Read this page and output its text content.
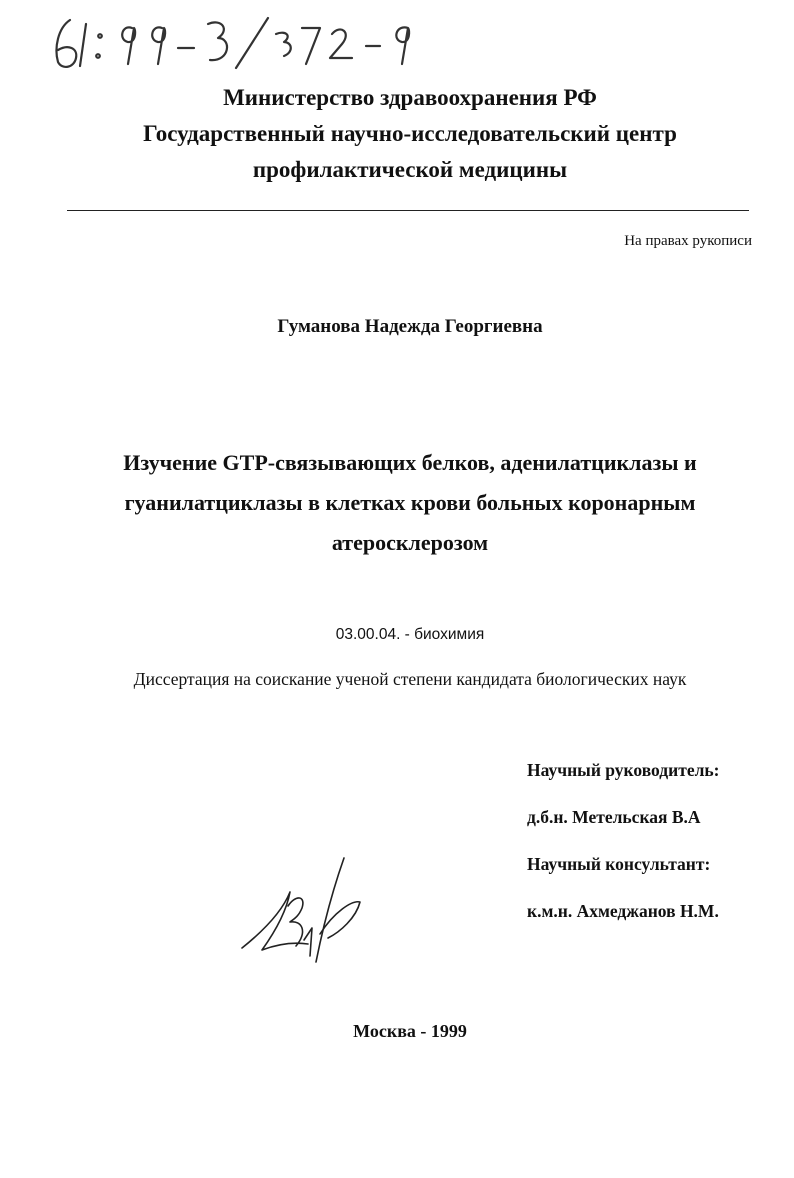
Министерство здравоохранения РФ
Государственный научно-исследовательский центр
профилактической медицины
На правах рукописи
Гуманова Надежда Георгиевна
Изучение GTP-связывающих белков, аденилатциклазы и
гуанилатциклазы в клетках крови больных коронарным
атеросклерозом
03.00.04. - биохимия
Диссертация на соискание ученой степени кандидата биологических наук
Научный руководитель:
д.б.н. Метельская В.А
Научный консультант:
к.м.н. Ахмеджанов Н.М.
Москва - 1999
